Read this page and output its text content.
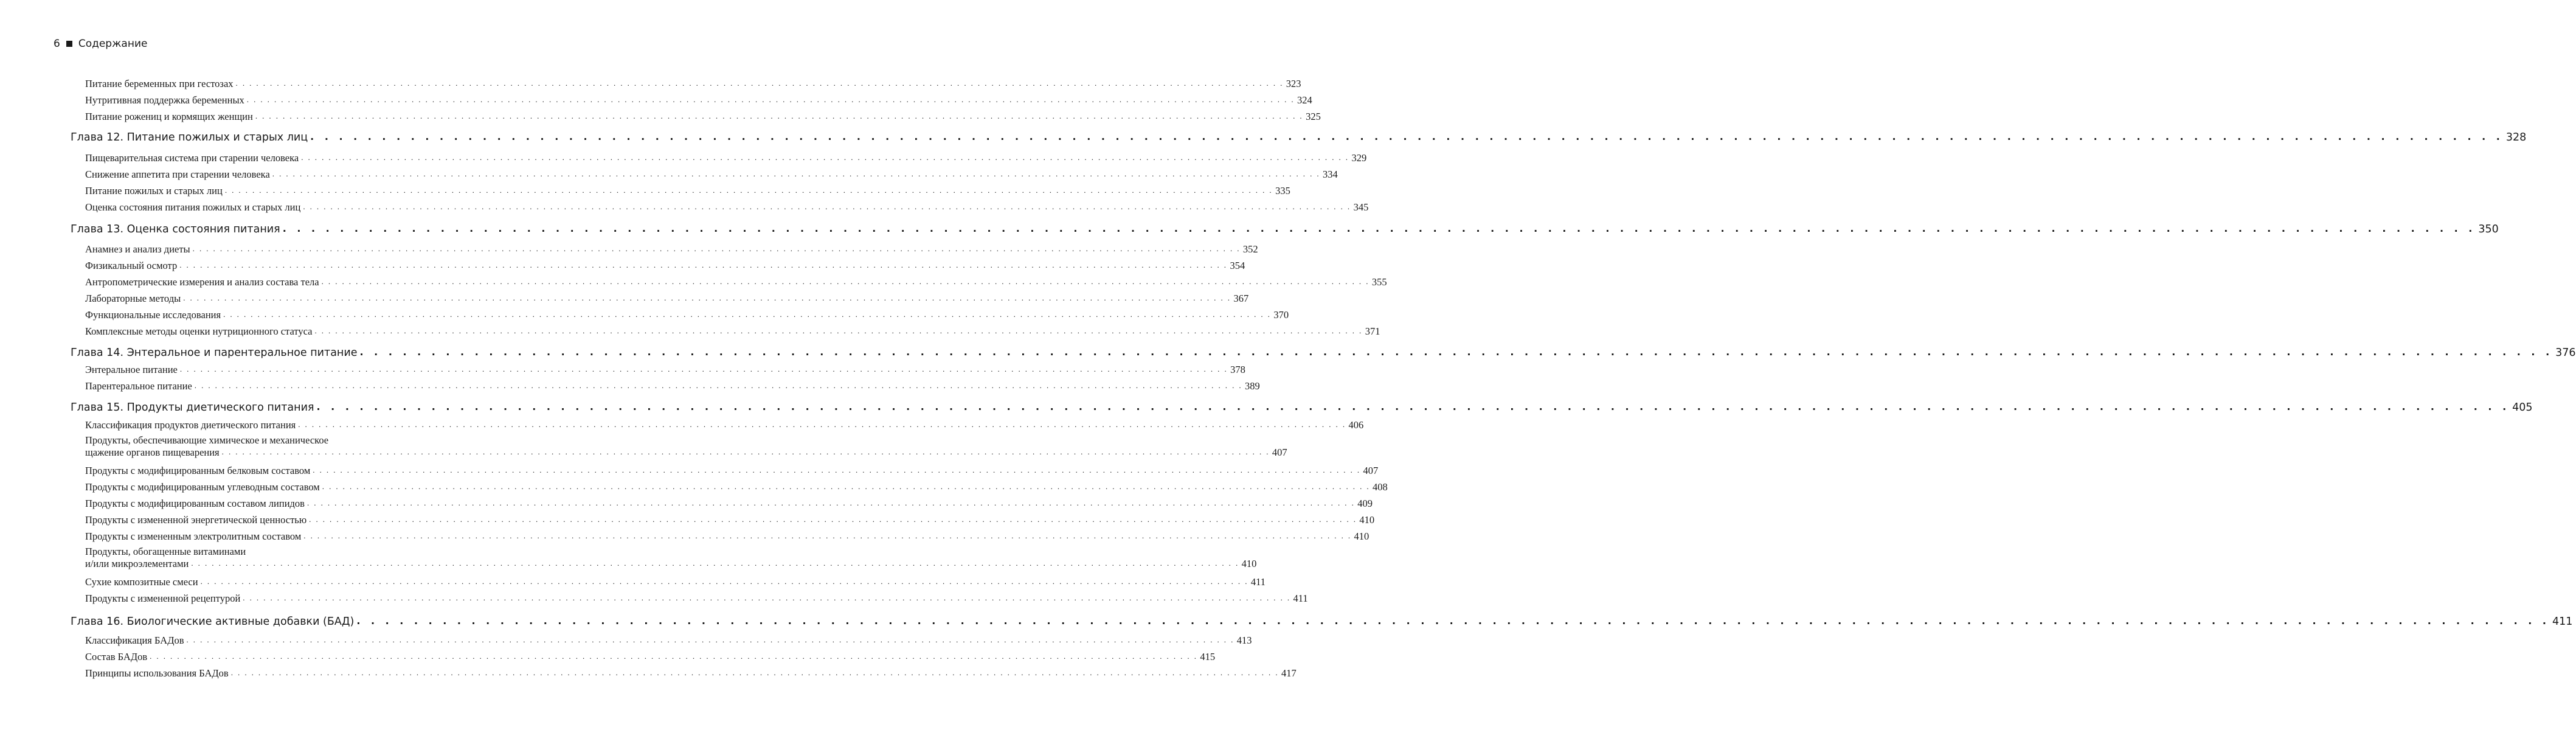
6 Содержание
Питание беременных при гестозах . . . . . . . . . . . . . . . . . . . . . . . . . . . . . . . . . . . . . . . . . . . . . . . . . . . . . . . . . . . . . . . . . . . . . . . . . . . . . . . . . . . . . . . . . . . . . . . . . . . . . . . . . . . . . . . . . . . . . . . . . . . . . . . . . . . . . . . . . . . . . . . . . . . . . . . . . 323
Нутритивная поддержка беременных . . . . . . . . . . . . . . . . . . . . . . . . . . . . . . . . . . . . . . . . . . . . . . . . . . . . . . . . . . . . . . . . . . . . . . . . . . . . . . . . . . . . . . . . . . . . . . . . . . . . . . . . . . . . . . . . . . . . . . . . . . . . . . . . . . . . . . . . . . . . . . . . . . . . . . . . . 324
Питание рожениц и кормящих женщин . . . . . . . . . . . . . . . . . . . . . . . . . . . . . . . . . . . . . . . . . . . . . . . . . . . . . . . . . . . . . . . . . . . . . . . . . . . . . . . . . . . . . . . . . . . . . . . . . . . . . . . . . . . . . . . . . . . . . . . . . . . . . . . . . . . . . . . . . . . . . . . . . . . . . . . . . 325
Глава 12. Питание пожилых и старых лиц . . . . . . . . . . . . . . . . . . . . . . . . . . . . . . . . . . . . . . . . . . . . . . . . . . . . . . . . . . . . . . . . . . . . . . . . . . . . . . . . . . . . . . . . . . . . . . . . . . . . . . . . . . . . . . . . . . . . . . . . . . . . . . . . . . . . . . . . . . . . . . . . . . . . . . . . . 328
Пищеварительная система при старении человека . . . . . . . . . . . . . . . . . . . . . . . . . . . . . . . . . . . . . . . . . . . . . . . . . . . . . . . . . . . . . . . . . . . . . . . . . . . . . . . . . . . . . . . . . . . . . . . . . . . . . . . . . . . . . . . . . . . . . . . . . . . . . . . . . . . . . . . . . . . . . . . . . . . . . . . . . 329
Снижение аппетита при старении человека . . . . . . . . . . . . . . . . . . . . . . . . . . . . . . . . . . . . . . . . . . . . . . . . . . . . . . . . . . . . . . . . . . . . . . . . . . . . . . . . . . . . . . . . . . . . . . . . . . . . . . . . . . . . . . . . . . . . . . . . . . . . . . . . . . . . . . . . . . . . . . . . . . . . . . . . . 334
Питание пожилых и старых лиц . . . . . . . . . . . . . . . . . . . . . . . . . . . . . . . . . . . . . . . . . . . . . . . . . . . . . . . . . . . . . . . . . . . . . . . . . . . . . . . . . . . . . . . . . . . . . . . . . . . . . . . . . . . . . . . . . . . . . . . . . . . . . . . . . . . . . . . . . . . . . . . . . . . . . . . . . 335
Оценка состояния питания пожилых и старых лиц . . . . . . . . . . . . . . . . . . . . . . . . . . . . . . . . . . . . . . . . . . . . . . . . . . . . . . . . . . . . . . . . . . . . . . . . . . . . . . . . . . . . . . . . . . . . . . . . . . . . . . . . . . . . . . . . . . . . . . . . . . . . . . . . . . . . . . . . . . . . . . . . . . . . . . . . . 345
Глава 13. Оценка состояния питания . . . . . . . . . . . . . . . . . . . . . . . . . . . . . . . . . . . . . . . . . . . . . . . . . . . . . . . . . . . . . . . . . . . . . . . . . . . . . . . . . . . . . . . . . . . . . . . . . . . . . . . . . . . . . . . . . . . . . . . . . . . . . . . . . . . . . . . . . . . . . . . . . . . . . . . . . 350
Анамнез и анализ диеты . . . . . . . . . . . . . . . . . . . . . . . . . . . . . . . . . . . . . . . . . . . . . . . . . . . . . . . . . . . . . . . . . . . . . . . . . . . . . . . . . . . . . . . . . . . . . . . . . . . . . . . . . . . . . . . . . . . . . . . . . . . . . . . . . . . . . . . . . . . . . . . . . . . . . . . . . 352
Физикальный осмотр . . . . . . . . . . . . . . . . . . . . . . . . . . . . . . . . . . . . . . . . . . . . . . . . . . . . . . . . . . . . . . . . . . . . . . . . . . . . . . . . . . . . . . . . . . . . . . . . . . . . . . . . . . . . . . . . . . . . . . . . . . . . . . . . . . . . . . . . . . . . . . . . . . . . . . . . . 354
Антропометрические измерения и анализ состава тела . . . . . . . . . . . . . . . . . . . . . . . . . . . . . . . . . . . . . . . . . . . . . . . . . . . . . . . . . . . . . . . . . . . . . . . . . . . . . . . . . . . . . . . . . . . . . . . . . . . . . . . . . . . . . . . . . . . . . . . . . . . . . . . . . . . . . . . . . . . . . . . . . . . . . . . . . 355
Лабораторные методы . . . . . . . . . . . . . . . . . . . . . . . . . . . . . . . . . . . . . . . . . . . . . . . . . . . . . . . . . . . . . . . . . . . . . . . . . . . . . . . . . . . . . . . . . . . . . . . . . . . . . . . . . . . . . . . . . . . . . . . . . . . . . . . . . . . . . . . . . . . . . . . . . . . . . . . . . 367
Функциональные исследования . . . . . . . . . . . . . . . . . . . . . . . . . . . . . . . . . . . . . . . . . . . . . . . . . . . . . . . . . . . . . . . . . . . . . . . . . . . . . . . . . . . . . . . . . . . . . . . . . . . . . . . . . . . . . . . . . . . . . . . . . . . . . . . . . . . . . . . . . . . . . . . . . . . . . . . . . 370
Комплексные методы оценки нутриционного статуса . . . . . . . . . . . . . . . . . . . . . . . . . . . . . . . . . . . . . . . . . . . . . . . . . . . . . . . . . . . . . . . . . . . . . . . . . . . . . . . . . . . . . . . . . . . . . . . . . . . . . . . . . . . . . . . . . . . . . . . . . . . . . . . . . . . . . . . . . . . . . . . . . . . . . . . . . 371
Глава 14. Энтеральное и парентеральное питание . . . . . . . . . . . . . . . . . . . . . . . . . . . . . . . . . . . . . . . . . . . . . . . . . . . . . . . . . . . . . . . . . . . . . . . . . . . . . . . . . . . . . . . . . . . . . . . . . . . . . . . . . . . . . . . . . . . . . . . . . . . . . . . . . . . . . . . . . . . . . . . . . . . . . . . . . 376
Энтеральное питание . . . . . . . . . . . . . . . . . . . . . . . . . . . . . . . . . . . . . . . . . . . . . . . . . . . . . . . . . . . . . . . . . . . . . . . . . . . . . . . . . . . . . . . . . . . . . . . . . . . . . . . . . . . . . . . . . . . . . . . . . . . . . . . . . . . . . . . . . . . . . . . . . . . . . . . . . 378
Парентеральное питание . . . . . . . . . . . . . . . . . . . . . . . . . . . . . . . . . . . . . . . . . . . . . . . . . . . . . . . . . . . . . . . . . . . . . . . . . . . . . . . . . . . . . . . . . . . . . . . . . . . . . . . . . . . . . . . . . . . . . . . . . . . . . . . . . . . . . . . . . . . . . . . . . . . . . . . . . 389
Глава 15. Продукты диетического питания . . . . . . . . . . . . . . . . . . . . . . . . . . . . . . . . . . . . . . . . . . . . . . . . . . . . . . . . . . . . . . . . . . . . . . . . . . . . . . . . . . . . . . . . . . . . . . . . . . . . . . . . . . . . . . . . . . . . . . . . . . . . . . . . . . . . . . . . . . . . . . . . . . . . . . . . . 405
Классификация продуктов диетического питания . . . . . . . . . . . . . . . . . . . . . . . . . . . . . . . . . . . . . . . . . . . . . . . . . . . . . . . . . . . . . . . . . . . . . . . . . . . . . . . . . . . . . . . . . . . . . . . . . . . . . . . . . . . . . . . . . . . . . . . . . . . . . . . . . . . . . . . . . . . . . . . . . . . . . . . . . 406
Продукты, обеспечивающие химическое и механическое
щажение органов пищеварения . . . . . . . . . . . . . . . . . . . . . . . . . . . . . . . . . . . . . . . . . . . . . . . . . . . . . . . . . . . . . . . . . . . . . . . . . . . . . . . . . . . . . . . . . . . . . . . . . . . . . . . . . . . . . . . . . . . . . . . . . . . . . . . . . . . . . . . . . . . . . . . . . . . . . . . . . 407
Продукты с модифицированным белковым составом . . . . . . . . . . . . . . . . . . . . . . . . . . . . . . . . . . . . . . . . . . . . . . . . . . . . . . . . . . . . . . . . . . . . . . . . . . . . . . . . . . . . . . . . . . . . . . . . . . . . . . . . . . . . . . . . . . . . . . . . . . . . . . . . . . . . . . . . . . . . . . . . . . . . . . . . . 407
Продукты с модифицированным углеводным составом . . . . . . . . . . . . . . . . . . . . . . . . . . . . . . . . . . . . . . . . . . . . . . . . . . . . . . . . . . . . . . . . . . . . . . . . . . . . . . . . . . . . . . . . . . . . . . . . . . . . . . . . . . . . . . . . . . . . . . . . . . . . . . . . . . . . . . . . . . . . . . . . . . . . . . . . . 408
Продукты с модифицированным составом липидов . . . . . . . . . . . . . . . . . . . . . . . . . . . . . . . . . . . . . . . . . . . . . . . . . . . . . . . . . . . . . . . . . . . . . . . . . . . . . . . . . . . . . . . . . . . . . . . . . . . . . . . . . . . . . . . . . . . . . . . . . . . . . . . . . . . . . . . . . . . . . . . . . . . . . . . . . 409
Продукты с измененной энергетической ценностью . . . . . . . . . . . . . . . . . . . . . . . . . . . . . . . . . . . . . . . . . . . . . . . . . . . . . . . . . . . . . . . . . . . . . . . . . . . . . . . . . . . . . . . . . . . . . . . . . . . . . . . . . . . . . . . . . . . . . . . . . . . . . . . . . . . . . . . . . . . . . . . . . . . . . . . . . 410
Продукты с измененным электролитным составом . . . . . . . . . . . . . . . . . . . . . . . . . . . . . . . . . . . . . . . . . . . . . . . . . . . . . . . . . . . . . . . . . . . . . . . . . . . . . . . . . . . . . . . . . . . . . . . . . . . . . . . . . . . . . . . . . . . . . . . . . . . . . . . . . . . . . . . . . . . . . . . . . . . . . . . . . 410
Продукты, обогащенные витаминами
и/или микроэлементами . . . . . . . . . . . . . . . . . . . . . . . . . . . . . . . . . . . . . . . . . . . . . . . . . . . . . . . . . . . . . . . . . . . . . . . . . . . . . . . . . . . . . . . . . . . . . . . . . . . . . . . . . . . . . . . . . . . . . . . . . . . . . . . . . . . . . . . . . . . . . . . . . . . . . . . . . 410
Сухие композитные смеси . . . . . . . . . . . . . . . . . . . . . . . . . . . . . . . . . . . . . . . . . . . . . . . . . . . . . . . . . . . . . . . . . . . . . . . . . . . . . . . . . . . . . . . . . . . . . . . . . . . . . . . . . . . . . . . . . . . . . . . . . . . . . . . . . . . . . . . . . . . . . . . . . . . . . . . . . 411
Продукты с измененной рецептурой . . . . . . . . . . . . . . . . . . . . . . . . . . . . . . . . . . . . . . . . . . . . . . . . . . . . . . . . . . . . . . . . . . . . . . . . . . . . . . . . . . . . . . . . . . . . . . . . . . . . . . . . . . . . . . . . . . . . . . . . . . . . . . . . . . . . . . . . . . . . . . . . . . . . . . . . . 411
Глава 16. Биологические активные добавки (БАД) . . . . . . . . . . . . . . . . . . . . . . . . . . . . . . . . . . . . . . . . . . . . . . . . . . . . . . . . . . . . . . . . . . . . . . . . . . . . . . . . . . . . . . . . . . . . . . . . . . . . . . . . . . . . . . . . . . . . . . . . . . . . . . . . . . . . . . . . . . . . . . . . . . . . . . . . . 411
Классификация БАДов . . . . . . . . . . . . . . . . . . . . . . . . . . . . . . . . . . . . . . . . . . . . . . . . . . . . . . . . . . . . . . . . . . . . . . . . . . . . . . . . . . . . . . . . . . . . . . . . . . . . . . . . . . . . . . . . . . . . . . . . . . . . . . . . . . . . . . . . . . . . . . . . . . . . . . . . . 413
Состав БАДов . . . . . . . . . . . . . . . . . . . . . . . . . . . . . . . . . . . . . . . . . . . . . . . . . . . . . . . . . . . . . . . . . . . . . . . . . . . . . . . . . . . . . . . . . . . . . . . . . . . . . . . . . . . . . . . . . . . . . . . . . . . . . . . . . . . . . . . . . . . . . . . . . . . . . . . . . 415
Принципы использования БАДов . . . . . . . . . . . . . . . . . . . . . . . . . . . . . . . . . . . . . . . . . . . . . . . . . . . . . . . . . . . . . . . . . . . . . . . . . . . . . . . . . . . . . . . . . . . . . . . . . . . . . . . . . . . . . . . . . . . . . . . . . . . . . . . . . . . . . . . . . . . . . . . . . . . . . . . . . 417
